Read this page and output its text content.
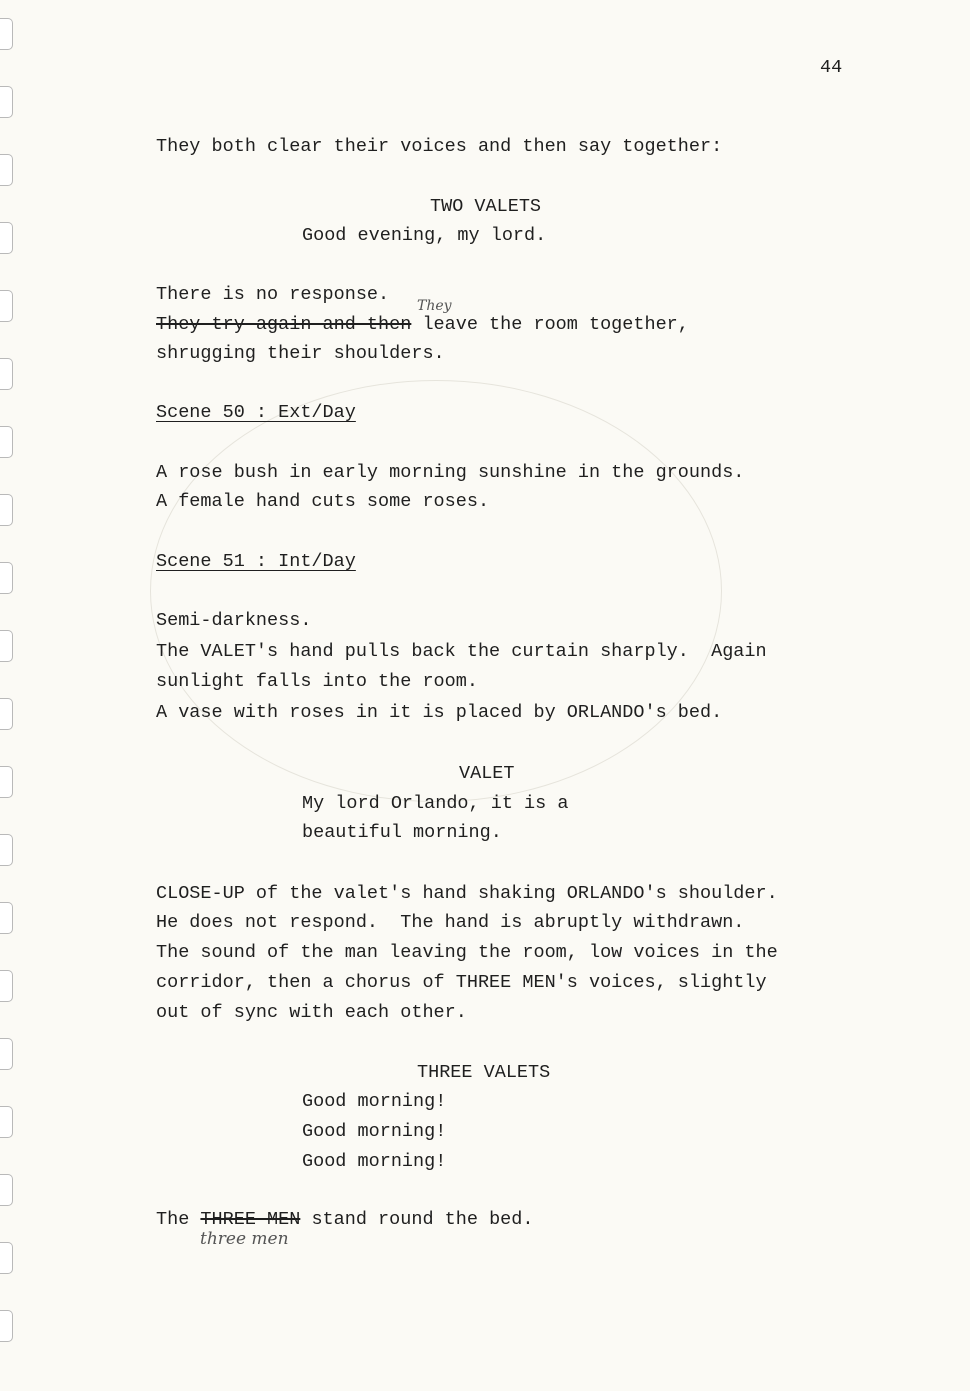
44
They both clear their voices and then say together:
TWO VALETS
Good evening, my lord.
There is no response.
They
They try again and then leave the room together,
shrugging their shoulders.
Scene 50 : Ext/Day
A rose bush in early morning sunshine in the grounds.
A female hand cuts some roses.
Scene 51 : Int/Day
Semi-darkness.
The VALET's hand pulls back the curtain sharply.  Again
sunlight falls into the room.
A vase with roses in it is placed by ORLANDO's bed.
VALET
My lord Orlando, it is a
beautiful morning.
CLOSE-UP of the valet's hand shaking ORLANDO's shoulder.
He does not respond.  The hand is abruptly withdrawn.
The sound of the man leaving the room, low voices in the
corridor, then a chorus of THREE MEN's voices, slightly
out of sync with each other.
THREE VALETS
Good morning!
Good morning!
Good morning!
The THREE MEN stand round the bed.
three men
